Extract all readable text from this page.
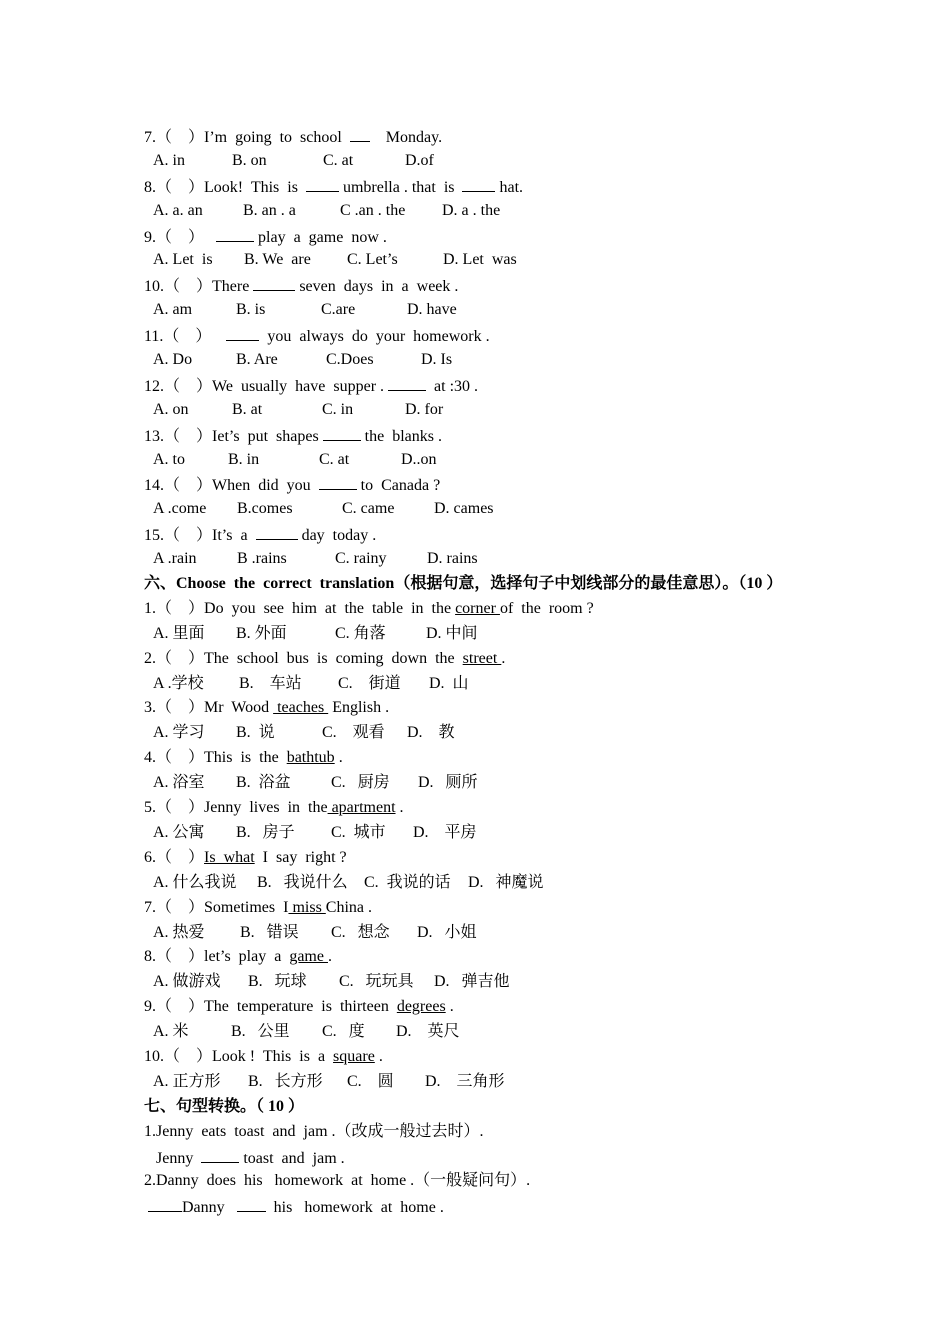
7.（　）I’m  going  to  school      Monday.
A. in	B. on	C. at	D.of
8.（　）Look!  This  is   umbrella . that  is   hat.
A. a. an	B. an . a	C .an . the D. a . the
9.（　）	play  a  game  now .
A. Let  is B. We  are C. Let’s	D. Let  was
10.（　）There	seven  days  in  a  week .
A. am	B. is	C.are	D. have
11.（　）	you  always  do  your  homework .
A. Do	B. Are	C.Does	D. Is
12.（　）We  usually  have  supper .   at :30 .
A. on	B. at	C. in	D. for
13.（　）Iet’s  put  shapes  the  blanks .
A. to	B. in	C. at	D..on
14.（　）When  did  you   to  Canada ?
A .come B.comes	C. came D. cames
15.（　）It’s  a	day  today .
A .rain	B .rains	C. rainy	D. rains
六、Choose  the  correct  translation（根据句意，选择句子中划线部分的最佳意思）。（10 ）
1.（　）Do  you  see  him  at  the  table  in  the corner of  the  room ?
A. 里面 B. 外面	C. 角落	D. 中间
2.（　）The  school  bus  is  coming  down  the  street .
A .学校 B.    车站 C.    街道 D.  山
3.（　）Mr  Wood  teaches  English .
A. 学习 B.  说	C.    观看 D.    教
4.（　）This  is  the  bathtub .
A. 浴室 B.  浴盆	C.   厨房 D.   厕所
5.（　）Jenny  lives  in  the apartment .
A. 公寓 B.   房子 C.  城市 D.    平房
6.（　）Is  what  I  say  right ?
A. 什么我说 B.   我说什么 C.  我说的话 D.   神魔说
7.（　）Sometimes  I miss China .
A. 热爱 B.   错误 C.   想念 D.   小姐
8.（　）let’s  play  a  game .
A. 做游戏 B.   玩球 C.   玩玩具 D.   弹吉他
9.（　）The  temperature  is  thirteen  degrees .
A. 米	B.   公里 C.   度 D.    英尺
10.（　）Look !  This  is  a  square .
A. 正方形 B.   长方形 C.    圆 D.    三角形
七、句型转换。（ 10 ）
1.Jenny  eats  toast  and  jam .（改成一般过去时）.
Jenny   toast  and  jam .
2.Danny  does  his   homework  at  home .（一般疑问句）.
Danny     his   homework  at  home .
